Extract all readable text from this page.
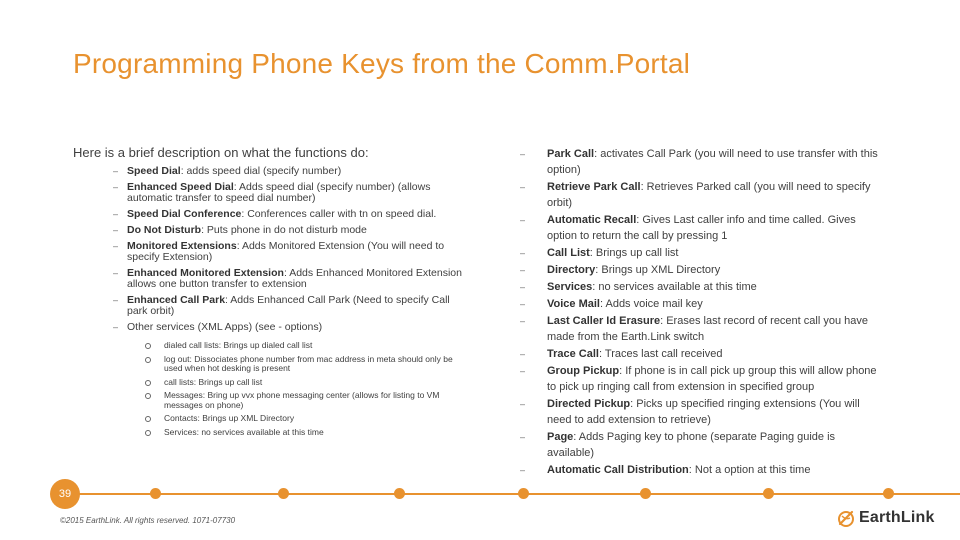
Programming Phone Keys from the Comm.Portal

Here is a brief description on what the functions do:

– Speed Dial: adds speed dial (specify number)
– Enhanced Speed Dial: Adds speed dial (specify number) (allows automatic transfer to speed dial number)
– Speed Dial Conference: Conferences caller with tn on speed dial.
– Do Not Disturb: Puts phone in do not disturb mode
– Monitored Extensions: Adds Monitored Extension (You will need to specify Extension)
– Enhanced Monitored Extension: Adds Enhanced Monitored Extension allows one button transfer to extension
– Enhanced Call Park: Adds Enhanced Call Park (Need to specify Call park orbit)
– Other services (XML Apps) (see - options)
dialed call lists: Brings up dialed call list
log out: Dissociates phone number from mac address in meta should only be used when hot desking is present
call lists: Brings up call list
Messages: Bring up vvx phone messaging center (allows for listing to VM messages on phone)
Contacts: Brings up XML Directory
Services: no services available at this time
– Park Call: activates Call Park (you will need to use transfer with this option)
– Retrieve Park Call: Retrieves Parked call (you will need to specify orbit)
– Automatic Recall: Gives Last caller info and time called. Gives option to return the call by pressing 1
– Call List: Brings up call list
– Directory: Brings up XML Directory
– Services: no services available at this time
– Voice Mail: Adds voice mail key
– Last Caller Id Erasure: Erases last record of recent call you have made from the Earth.Link switch
– Trace Call: Traces last call received
– Group Pickup: If phone is in call pick up group this will allow phone to pick up ringing call from extension in specified group
– Directed Pickup: Picks up specified ringing extensions (You will need to add extension to retrieve)
– Page: Adds Paging key to phone (separate Paging guide is available)
– Automatic Call Distribution: Not a option at this time
39
©2015 EarthLink. All rights reserved. 1071-07730	EarthLink
